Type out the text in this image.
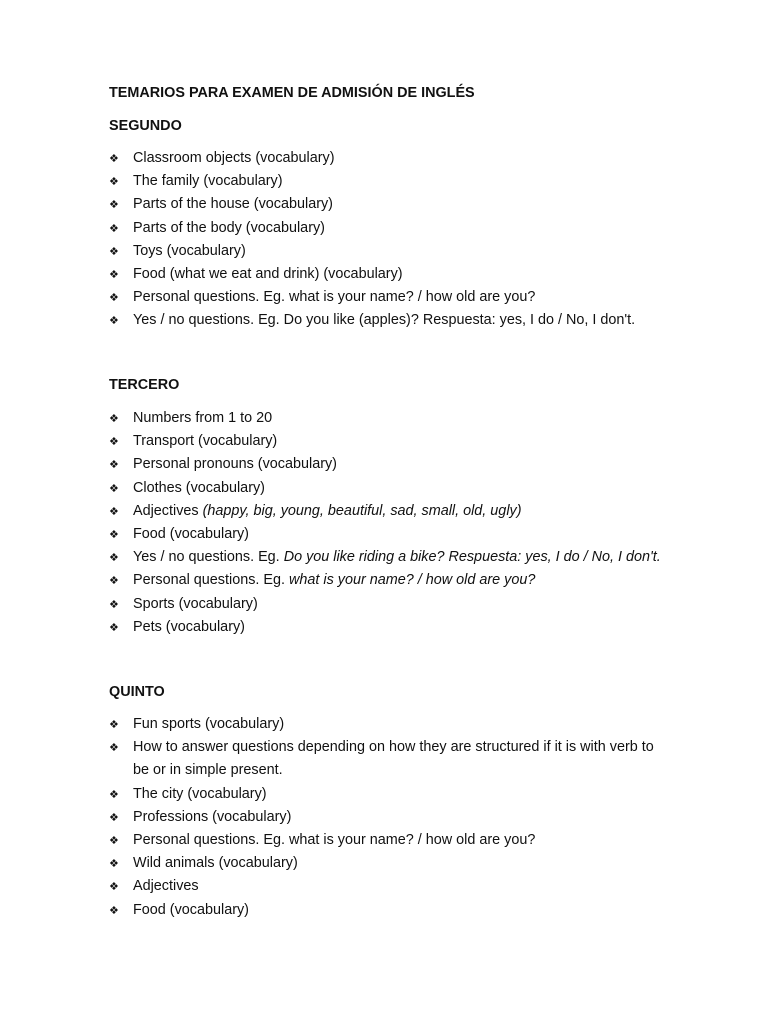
TEMARIOS PARA EXAMEN DE ADMISIÓN DE INGLÉS
SEGUNDO
❖ Classroom objects (vocabulary)
❖ The family (vocabulary)
❖ Parts of the house (vocabulary)
❖ Parts of the body (vocabulary)
❖ Toys (vocabulary)
❖ Food (what we eat and drink) (vocabulary)
❖ Personal questions. Eg. what is your name? / how old are you?
❖ Yes / no questions. Eg. Do you like (apples)? Respuesta: yes, I do / No, I don't.
TERCERO
❖ Numbers from 1 to 20
❖ Transport (vocabulary)
❖ Personal pronouns (vocabulary)
❖ Clothes (vocabulary)
❖ Adjectives (happy, big, young, beautiful, sad, small, old, ugly)
❖ Food (vocabulary)
❖ Yes / no questions. Eg. Do you like riding a bike? Respuesta: yes, I do / No, I don't.
❖ Personal questions. Eg. what is your name? / how old are you?
❖ Sports (vocabulary)
❖ Pets (vocabulary)
QUINTO
❖ Fun sports (vocabulary)
❖ How to answer questions depending on how they are structured if it is with verb to be or in simple present.
❖ The city (vocabulary)
❖ Professions (vocabulary)
❖ Personal questions. Eg. what is your name? / how old are you?
❖ Wild animals (vocabulary)
❖ Adjectives
❖ Food (vocabulary)
